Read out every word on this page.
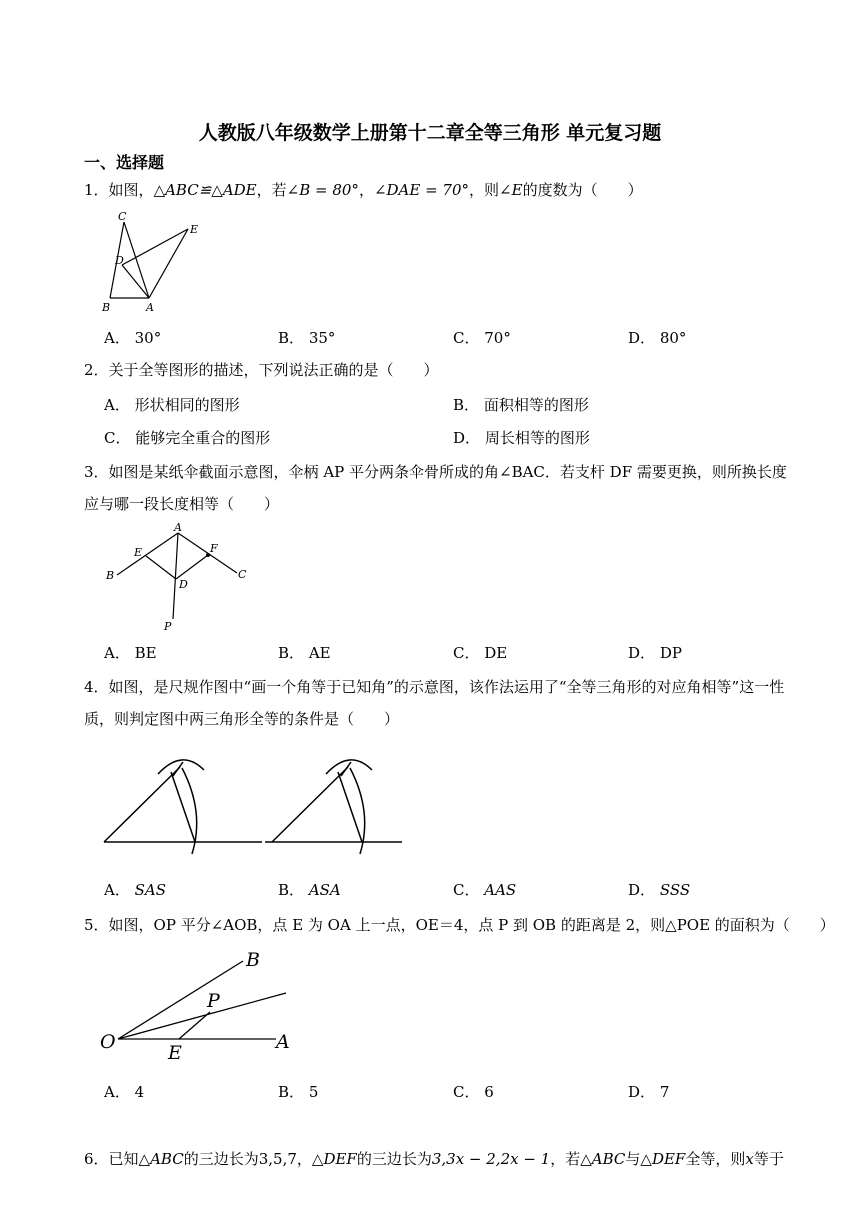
人教版八年级数学上册第十二章全等三角形 单元复习题
一、选择题
1．如图，△ABC≌△ADE，若∠B = 80°，∠DAE = 70°，则∠E的度数为（　　）
C
E
D
B	A
A． 30°	B． 35°	C． 70°	D． 80°
2．关于全等图形的描述，下列说法正确的是（　　）
A． 形状相同的图形	B． 面积相等的图形
C． 能够完全重合的图形	D． 周长相等的图形
3．如图是某纸伞截面示意图，伞柄 AP 平分两条伞骨所成的角∠BAC．若支杆 DF 需要更换，则所换长度
应与哪一段长度相等（　　）
A
E	F
B	C
D
P
A． BE	B． AE	C． DE	D． DP
4．如图，是尺规作图中“画一个角等于已知角”的示意图，该作法运用了“全等三角形的对应角相等”这一性
质，则判定图中两三角形全等的条件是（　　）
A． SAS	B． ASA	C． AAS	D． SSS
5．如图，OP 平分∠AOB，点 E 为 OA 上一点，OE＝4，点 P 到 OB 的距离是 2，则△POE 的面积为（　　）
B
P
O	E	A
A． 4	B． 5	C． 6	D． 7
6．已知△ABC的三边长为3,5,7，△DEF的三边长为3,3x − 2,2x − 1，若△ABC与△DEF全等，则x等于
